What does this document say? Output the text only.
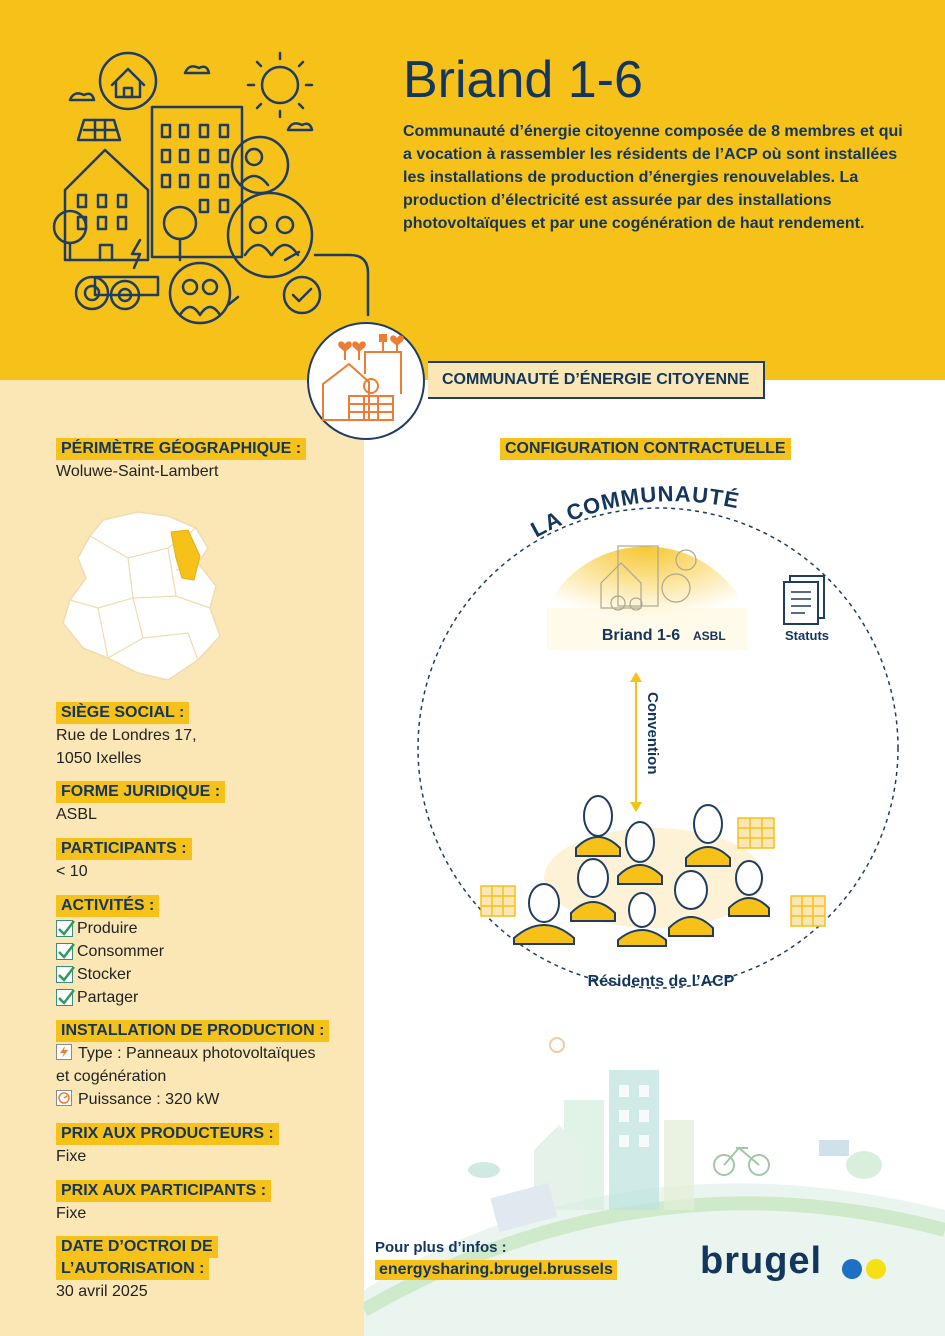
Briand 1-6

Communauté d’énergie citoyenne composée de 8 membres et qui a vocation à rassembler les résidents de l’ACP où sont installées les installations de production d’énergies renouvelables. La production d’électricité est assurée par des installations photovoltaïques et par une cogénération de haut rendement.

COMMUNAUTÉ D’ÉNERGIE CITOYENNE
PÉRIMÈTRE GÉOGRAPHIQUE :
Woluwe-Saint-Lambert
SIÈGE SOCIAL :
Rue de Londres 17,
1050 Ixelles
FORME JURIDIQUE :
ASBL
PARTICIPANTS :
< 10
ACTIVITÉS :
Produire
Consommer
Stocker
Partager
INSTALLATION DE PRODUCTION :
Type : Panneaux photovoltaïques
et cogénération
Puissance : 320 kW
PRIX AUX PRODUCTEURS :
Fixe
PRIX AUX PARTICIPANTS :
Fixe
DATE D’OCTROI DE
L’AUTORISATION :
30 avril 2025
CONFIGURATION CONTRACTUELLE
LA COMMUNAUTÉ
Briand 1-6 ASBL	Statuts
Convention
Résidents de l’ACP
Pour plus d’infos :
energysharing.brugel.brussels brugel
